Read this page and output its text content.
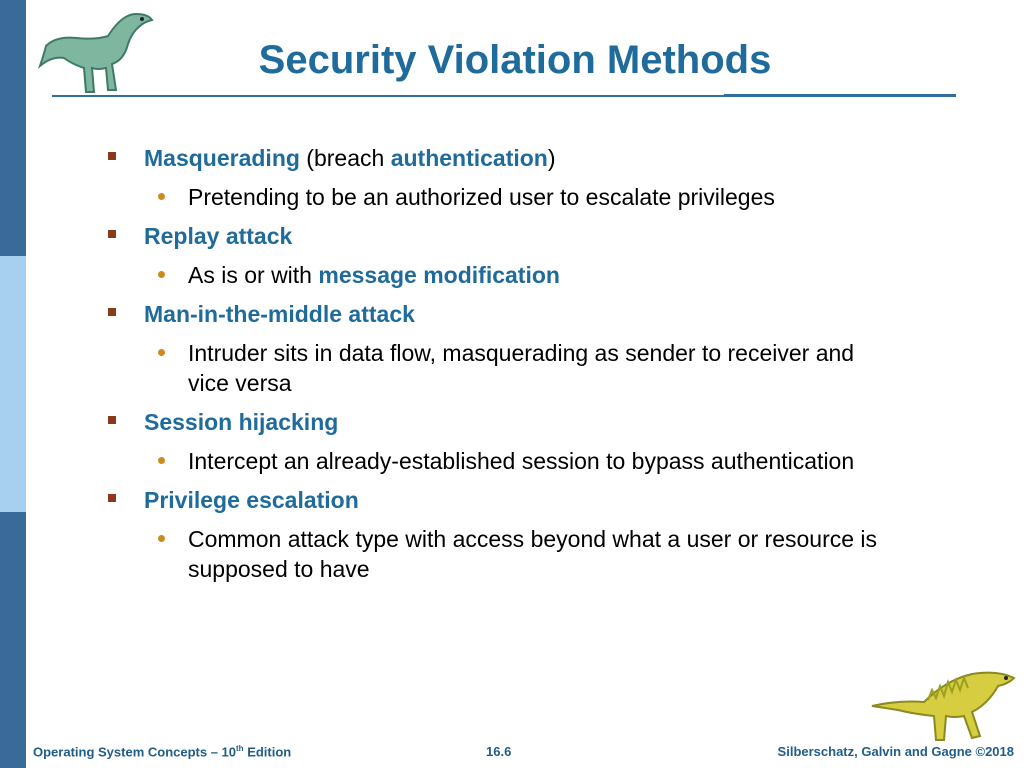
Security Violation Methods
Masquerading (breach authentication)
Pretending to be an authorized user to escalate privileges
Replay attack
As is or with message modification
Man-in-the-middle attack
Intruder sits in data flow, masquerading as sender to receiver and vice versa
Session hijacking
Intercept an already-established session to bypass authentication
Privilege escalation
Common attack type with access beyond what a user or resource is supposed to have
Operating System Concepts – 10th Edition	16.6	Silberschatz, Galvin and Gagne ©2018
